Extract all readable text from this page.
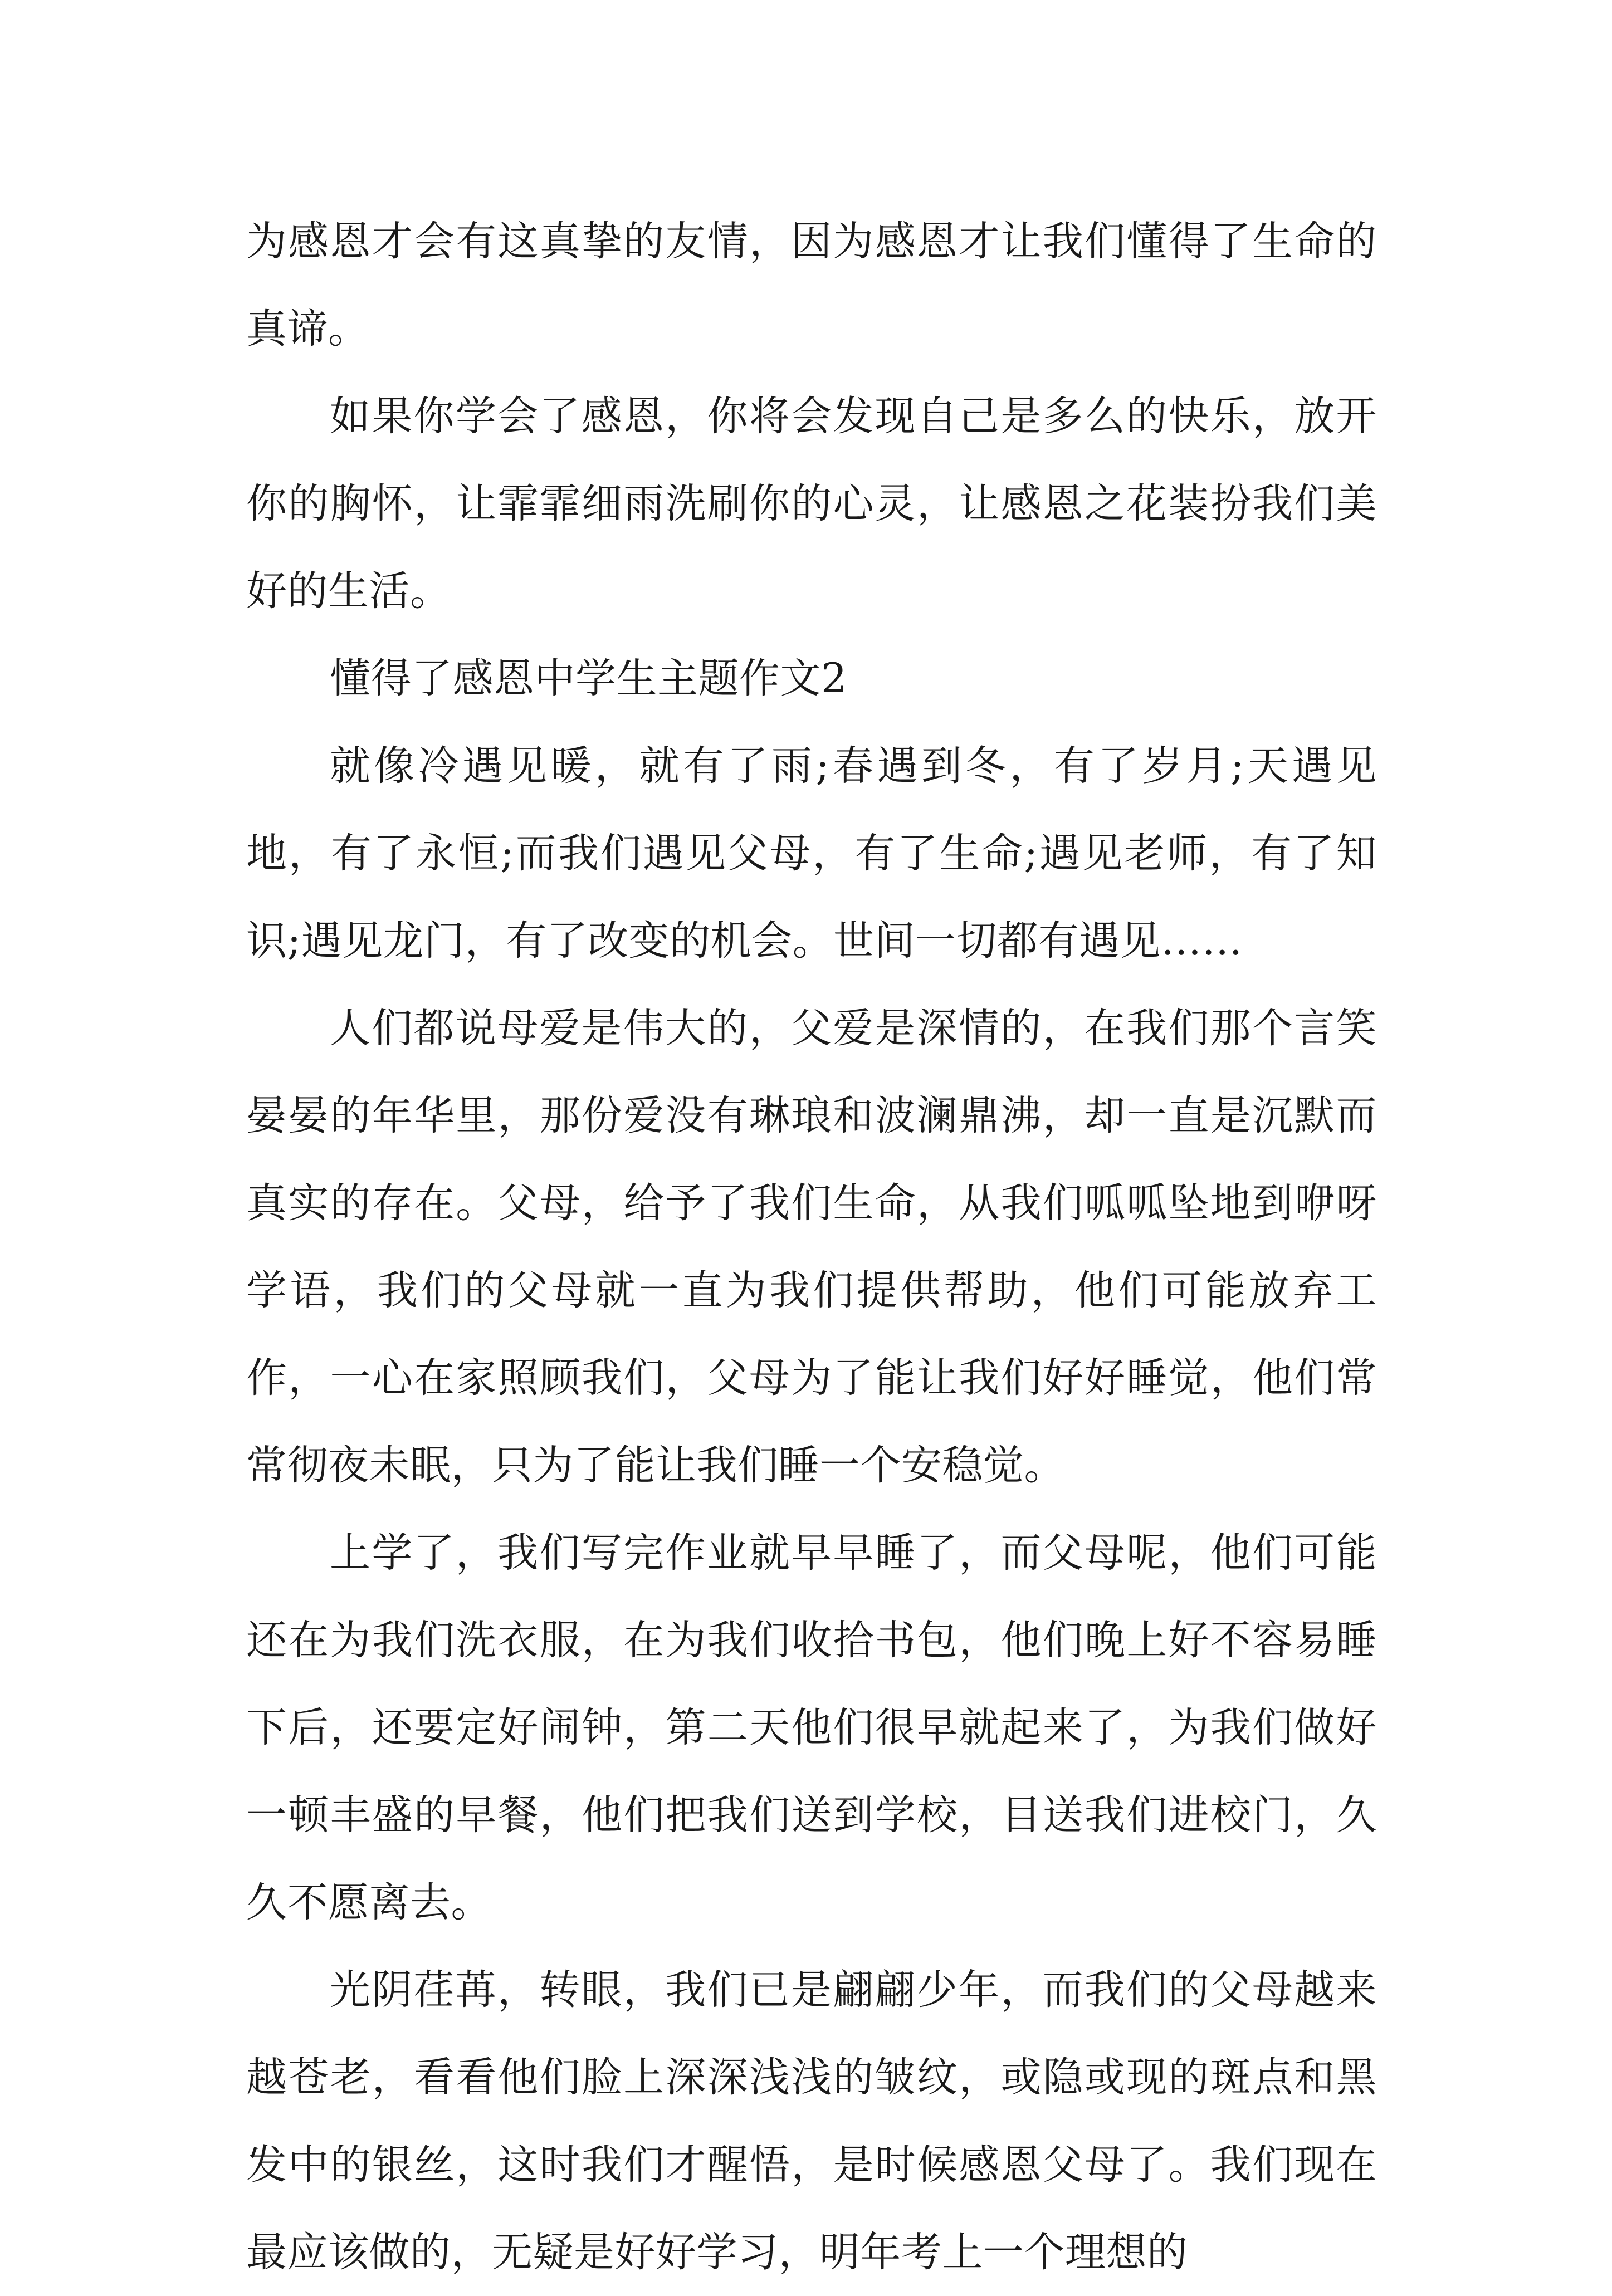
为感恩才会有这真挚的友情，因为感恩才让我们懂得了生命的真谛。

如果你学会了感恩，你将会发现自己是多么的快乐，放开你的胸怀，让霏霏细雨洗刷你的心灵，让感恩之花装扮我们美好的生活。

懂得了感恩中学生主题作文2

就像冷遇见暖，就有了雨;春遇到冬，有了岁月;天遇见地，有了永恒;而我们遇见父母，有了生命;遇见老师，有了知识;遇见龙门，有了改变的机会。世间一切都有遇见……

人们都说母爱是伟大的，父爱是深情的，在我们那个言笑晏晏的年华里，那份爱没有琳琅和波澜鼎沸，却一直是沉默而真实的存在。父母，给予了我们生命，从我们呱呱坠地到咿呀学语，我们的父母就一直为我们提供帮助，他们可能放弃工作，一心在家照顾我们，父母为了能让我们好好睡觉，他们常常彻夜未眠，只为了能让我们睡一个安稳觉。

上学了，我们写完作业就早早睡了，而父母呢，他们可能还在为我们洗衣服，在为我们收拾书包，他们晚上好不容易睡下后，还要定好闹钟，第二天他们很早就起来了，为我们做好一顿丰盛的早餐，他们把我们送到学校，目送我们进校门，久久不愿离去。

光阴荏苒，转眼，我们已是翩翩少年，而我们的父母越来越苍老，看看他们脸上深深浅浅的皱纹，或隐或现的斑点和黑发中的银丝，这时我们才醒悟，是时候感恩父母了。我们现在最应该做的，无疑是好好学习，明年考上一个理想的
